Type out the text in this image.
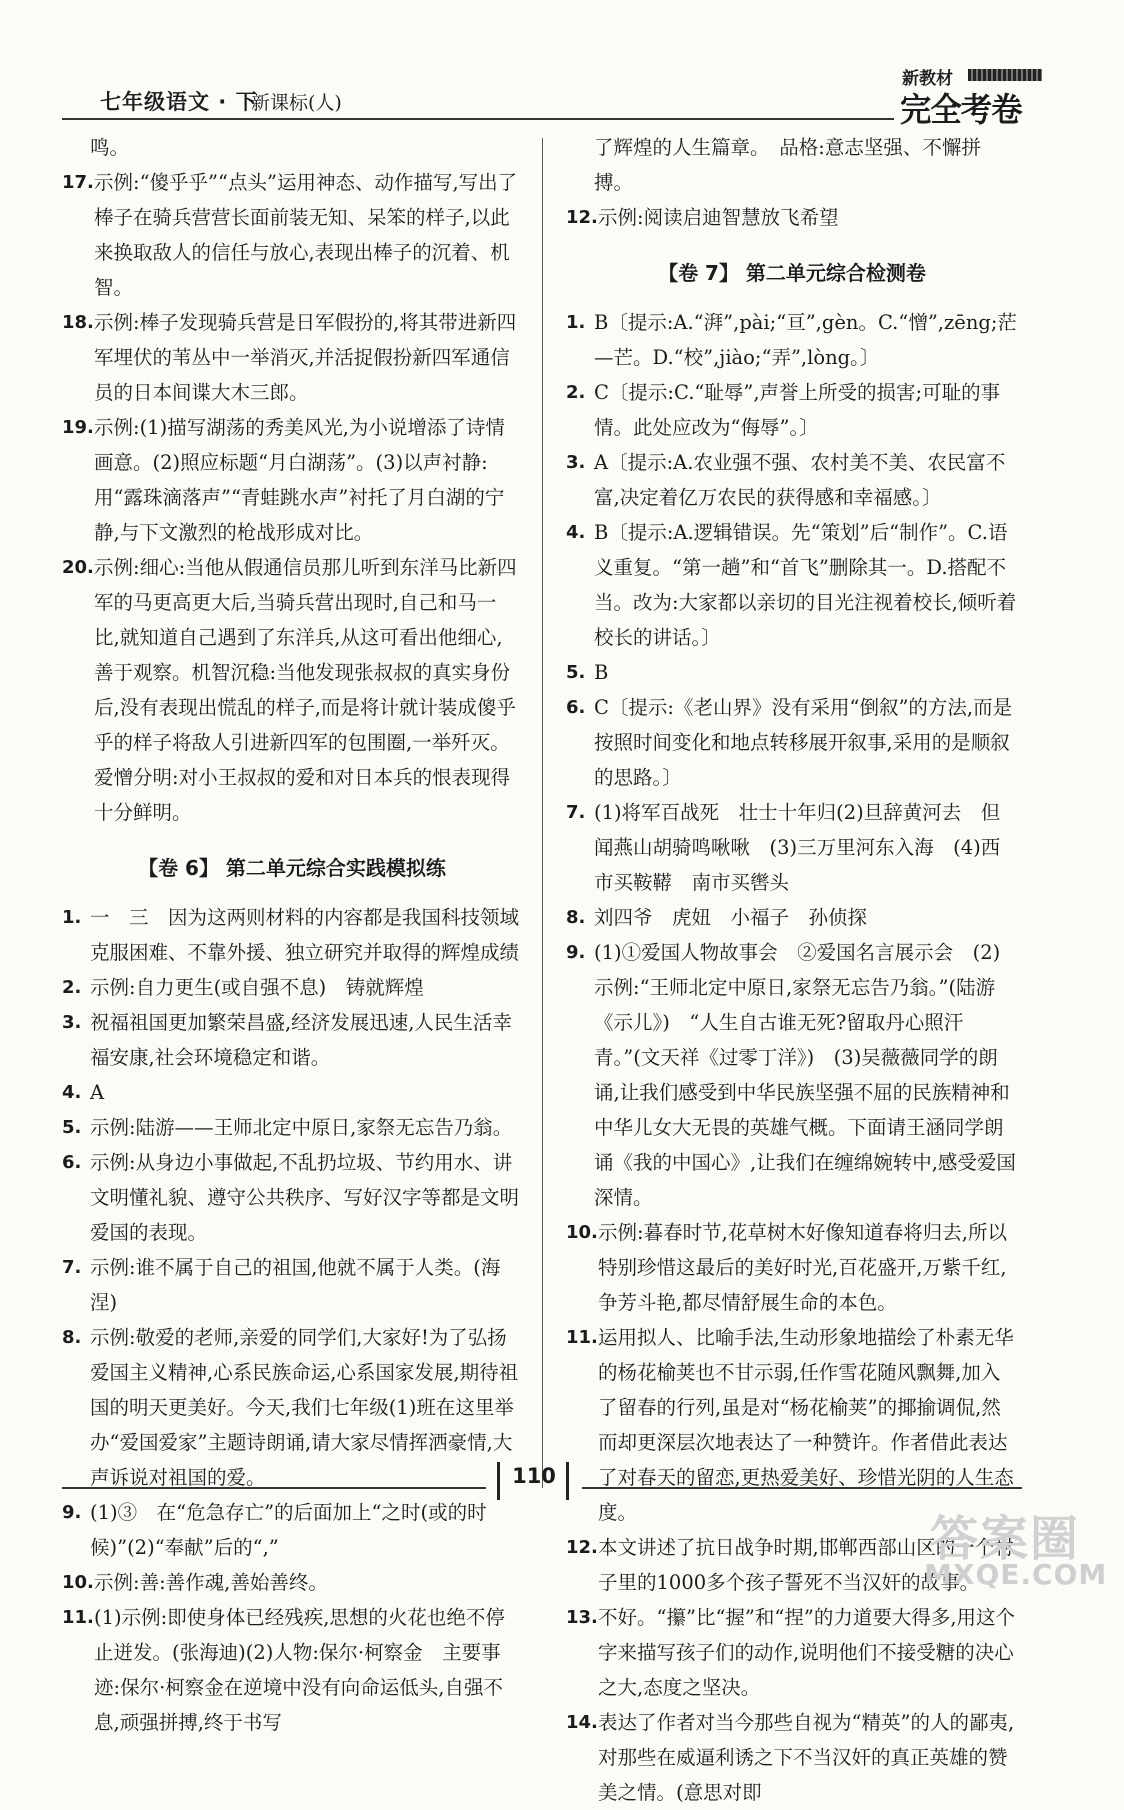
七年级语文 · 下
新课标(人)
新教材
完全考卷
鸣。
17. 示例:“傻乎乎”“点头”运用神态、动作描写,写出了棒子在骑兵营营长面前装无知、呆笨的样子,以此来换取敌人的信任与放心,表现出棒子的沉着、机智。
18. 示例:棒子发现骑兵营是日军假扮的,将其带进新四军埋伏的苇丛中一举消灭,并活捉假扮新四军通信员的日本间谍大木三郎。
19. 示例:(1)描写湖荡的秀美风光,为小说增添了诗情画意。(2)照应标题“月白湖荡”。(3)以声衬静:用“露珠滴落声”“青蛙跳水声”衬托了月白湖的宁静,与下文激烈的枪战形成对比。
20. 示例:细心:当他从假通信员那儿听到东洋马比新四军的马更高更大后,当骑兵营出现时,自己和马一比,就知道自己遇到了东洋兵,从这可看出他细心,善于观察。机智沉稳:当他发现张叔叔的真实身份后,没有表现出慌乱的样子,而是将计就计装成傻乎乎的样子将敌人引进新四军的包围圈,一举歼灭。爱憎分明:对小王叔叔的爱和对日本兵的恨表现得十分鲜明。
【卷 6】 第二单元综合实践模拟练
1. 一　三　因为这两则材料的内容都是我国科技领域克服困难、不靠外援、独立研究并取得的辉煌成绩
2. 示例:自力更生(或自强不息)　铸就辉煌
3. 祝福祖国更加繁荣昌盛,经济发展迅速,人民生活幸福安康,社会环境稳定和谐。
4. A
5. 示例:陆游——王师北定中原日,家祭无忘告乃翁。
6. 示例:从身边小事做起,不乱扔垃圾、节约用水、讲文明懂礼貌、遵守公共秩序、写好汉字等都是文明爱国的表现。
7. 示例:谁不属于自己的祖国,他就不属于人类。(海涅)
8. 示例:敬爱的老师,亲爱的同学们,大家好!为了弘扬爱国主义精神,心系民族命运,心系国家发展,期待祖国的明天更美好。今天,我们七年级(1)班在这里举办“爱国爱家”主题诗朗诵,请大家尽情挥洒豪情,大声诉说对祖国的爱。
9. (1)③　在“危急存亡”的后面加上“之时(或的时候)”(2)“奉献”后的“,”
10. 示例:善:善作魂,善始善终。
11. (1)示例:即使身体已经残疾,思想的火花也绝不停止迸发。(张海迪)(2)人物:保尔·柯察金　主要事迹:保尔·柯察金在逆境中没有向命运低头,自强不息,顽强拼搏,终于书写
了辉煌的人生篇章。　品格:意志坚强、不懈拼搏。
12. 示例:阅读启迪智慧放飞希望
【卷 7】 第二单元综合检测卷
1. B〔提示:A.“湃”,pài;“亘”,gèn。C.“憎”,zēng;茫—芒。D.“校”,jiào;“弄”,lòng。〕
2. C〔提示:C.“耻辱”,声誉上所受的损害;可耻的事情。此处应改为“侮辱”。〕
3. A〔提示:A.农业强不强、农村美不美、农民富不富,决定着亿万农民的获得感和幸福感。〕
4. B〔提示:A.逻辑错误。先“策划”后“制作”。C.语义重复。“第一趟”和“首飞”删除其一。D.搭配不当。改为:大家都以亲切的目光注视着校长,倾听着校长的讲话。〕
5. B
6. C〔提示:《老山界》没有采用“倒叙”的方法,而是按照时间变化和地点转移展开叙事,采用的是顺叙的思路。〕
7. (1)将军百战死　壮士十年归(2)旦辞黄河去　但闻燕山胡骑鸣啾啾　(3)三万里河东入海　(4)西市买鞍鞯　南市买辔头
8. 刘四爷　虎妞　小福子　孙侦探
9. (1)①爱国人物故事会　②爱国名言展示会　(2)示例:“王师北定中原日,家祭无忘告乃翁。”(陆游《示儿》)　“人生自古谁无死?留取丹心照汗青。”(文天祥《过零丁洋》)　(3)吴薇薇同学的朗诵,让我们感受到中华民族坚强不屈的民族精神和中华儿女大无畏的英雄气概。下面请王涵同学朗诵《我的中国心》,让我们在缠绵婉转中,感受爱国深情。
10. 示例:暮春时节,花草树木好像知道春将归去,所以特别珍惜这最后的美好时光,百花盛开,万紫千红,争芳斗艳,都尽情舒展生命的本色。
11. 运用拟人、比喻手法,生动形象地描绘了朴素无华的杨花榆荚也不甘示弱,任作雪花随风飘舞,加入了留春的行列,虽是对“杨花榆荚”的揶揄调侃,然而却更深层次地表达了一种赞许。作者借此表达了对春天的留恋,更热爱美好、珍惜光阴的人生态度。
12. 本文讲述了抗日战争时期,邯郸西部山区的一个村子里的1000多个孩子誓死不当汉奸的故事。
13. 不好。“攥”比“握”和“捏”的力道要大得多,用这个字来描写孩子们的动作,说明他们不接受糖的决心之大,态度之坚决。
14. 表达了作者对当今那些自视为“精英”的人的鄙夷,对那些在威逼利诱之下不当汉奸的真正英雄的赞美之情。(意思对即
110
答案圈
MXQE.COM
